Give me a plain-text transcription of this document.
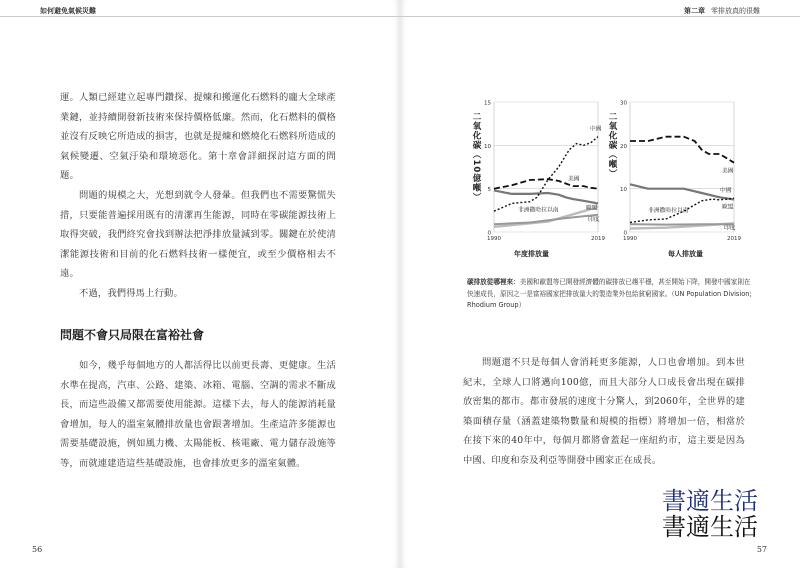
如何避免氣候災難

運。人類已經建立起專門鑽探、提煉和搬運化石燃料的龐大全球產業鏈，並持續開發新技術來保持價格低廉。然而，化石燃料的價格並沒有反映它所造成的損害，也就是提煉和燃燒化石燃料所造成的氣候變遷、空氣汙染和環境惡化。第十章會詳細探討這方面的問題。

問題的規模之大，光想到就令人發暈。但我們也不需要驚慌失措，只要能普遍採用既有的清潔再生能源，同時在零碳能源技術上取得突破，我們終究會找到辦法把淨排放量減到零。關鍵在於使清潔能源技術和目前的化石燃料技術一樣便宜，或至少價格相去不遠。

不過，我們得馬上行動。

問題不會只局限在富裕社會

如今，幾乎每個地方的人都活得比以前更長壽、更健康。生活水準在提高，汽車、公路、建築、冰箱、電腦、空調的需求不斷成長，而這些設備又都需要使用能源。這樣下去，每人的能源消耗量會增加，每人的溫室氣體排放量也會跟著增加。生產這許多能源也需要基礎設施，例如風力機、太陽能板、核電廠、電力儲存設施等等，而就連建造這些基礎設施，也會排放更多的溫室氣體。

56
第二章 零排放真的很難
二氧化碳（10億噸）
0
5
10
15
1990	2019
中國
美國
歐盟
非洲撒哈拉以南
印度
年度排放量
二氧化碳（噸）
0
10
20
30
1990	2019
美國
中國
歐盟
非洲撒哈拉以南
印度
每人排放量
碳排放從哪裡來：美國和歐盟等已開發經濟體的碳排放已趨平穩，甚至開始下降，開發中國家則在快速成長，原因之一是富裕國家把排放量大的製造業外包給貧窮國家。（UN Population Division; Rhodium Group）

問題還不只是每個人會消耗更多能源，人口也會增加。到本世紀末，全球人口將邁向100億，而且大部分人口成長會出現在碳排放密集的都市。都市發展的速度十分驚人，到2060年，全世界的建築面積存量（涵蓋建築物數量和規模的指標）將增加一倍，相當於在接下來的40年中，每個月都將會蓋起一座紐約市，這主要是因為中國、印度和奈及利亞等開發中國家正在成長。

書適生活
書適生活
57
